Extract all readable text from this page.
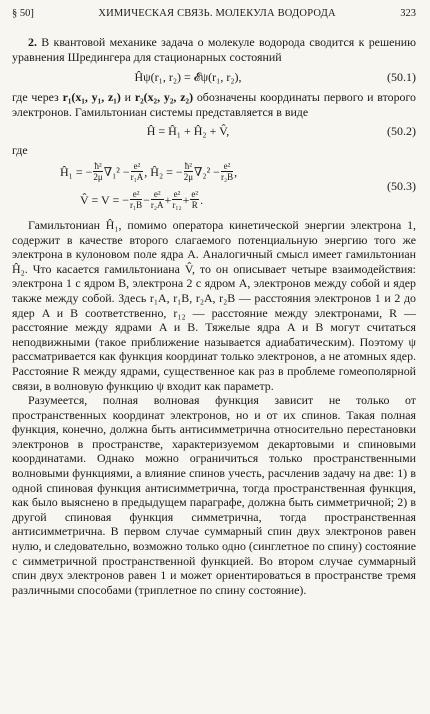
§ 50]	ХИМИЧЕСКАЯ СВЯЗЬ. МОЛЕКУЛА ВОДОРОДА	323

2. В квантовой механике задача о молекуле водорода сводится к решению уравнения Шредингера для стационарных состояний

Ĥψ(r₁, r₂) = 𝓔ψ(r₁, r₂),	(50.1)

где через r₁(x₁, y₁, z₁) и r₂(x₂, y₂, z₂) обозначены координаты первого и второго электронов. Гамильтониан системы представляется в виде

Ĥ = Ĥ₁ + Ĥ₂ + V̂,	(50.2)

где

Ĥ₁ = − $\frac{\text{ħ²}}{2\mu} \nabla_1^2 - \frac{\text{e²}}{\text{r₁A}}$ , Ĥ₂ = − $\frac{\text{ħ²}}{2\mu} \nabla_2^2 - \frac{\text{e²}}{\text{r₂B}}$ ,
V̂ = V = − $\frac{\text{e²}}{\text{r₁B}} - \frac{\text{e²}}{\text{r₂A}} + \frac{\text{e²}}{\text{r₁₂}} + \frac{\text{e²}}{R}$ .
(50.3)

Гамильтониан Ĥ₁, помимо оператора кинетической энергии электрона 1, содержит в качестве второго слагаемого потенциальную энергию того же электрона в кулоновом поле ядра A. Аналогичный смысл имеет гамильтониан Ĥ₂. Что касается гамильтониана V̂, то он описывает четыре взаимодействия: электрона 1 с ядром B, электрона 2 с ядром A, электронов между собой и ядер также между собой. Здесь r₁A, r₁B, r₂A, r₂B — расстояния электронов 1 и 2 до ядер A и B соответственно, r₁₂ — расстояние между электронами, R — расстояние между ядрами A и B. Тяжелые ядра A и B могут считаться неподвижными (такое приближение называется адиабатическим). Поэтому ψ рассматривается как функция координат только электронов, а не атомных ядер. Расстояние R между ядрами, существенное как раз в проблеме гомеополярной связи, в волновую функцию ψ входит как параметр.

Разумеется, полная волновая функция зависит не только от пространственных координат электронов, но и от их спинов. Такая полная функция, конечно, должна быть антисимметрична относительно перестановки электронов в пространстве, характеризуемом декартовыми и спиновыми координатами. Однако можно ограничиться только пространственными волновыми функциями, а влияние спинов учесть, расчленив задачу на две: 1) в одной спиновая функция антисимметрична, тогда пространственная функция, как было выяснено в предыдущем параграфе, должна быть симметричной; 2) в другой спиновая функция симметрична, тогда пространственная антисимметрична. В первом случае суммарный спин двух электронов равен нулю, и следовательно, возможно только одно (синглетное по спину) состояние с симметричной пространственной функцией. Во втором случае суммарный спин двух электронов равен 1 и может ориентироваться в пространстве тремя различными способами (триплетное по спину состояние).
